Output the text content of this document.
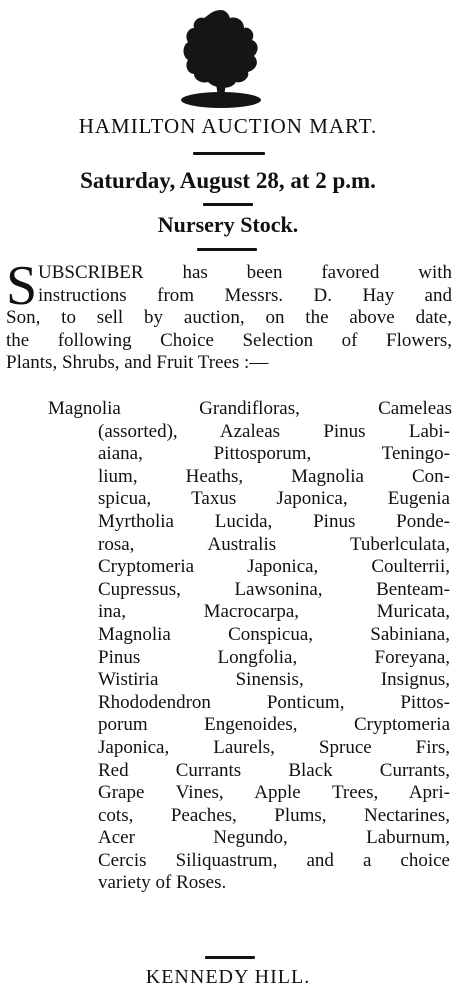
HAMILTON AUCTION MART.
Saturday, August 28, at 2 p.m.
Nursery Stock.
S UBSCRIBER has been favored with
instructions from Messrs. D. Hay and
Son, to sell by auction, on the above date,
the following Choice Selection of Flowers,
Plants, Shrubs, and Fruit Trees :—
Magnolia Grandifloras, Cameleas
(assorted), Azaleas Pinus Labi-
aiana, Pittosporum, Teningo-
lium, Heaths, Magnolia Con-
spicua, Taxus Japonica, Eugenia
Myrtholia Lucida, Pinus Ponde-
rosa, Australis Tuberlculata,
Cryptomeria Japonica, Coulterrii,
Cupressus, Lawsonina, Benteam-
ina, Macrocarpa, Muricata,
Magnolia Conspicua, Sabiniana,
Pinus Longfolia, Foreyana,
Wistiria Sinensis, Insignus,
Rhododendron Ponticum, Pittos-
porum Engenoides, Cryptomeria
Japonica, Laurels, Spruce Firs,
Red Currants Black Currants,
Grape Vines, Apple Trees, Apri-
cots, Peaches, Plums, Nectarines,
Acer Negundo, Laburnum,
Cercis Siliquastrum, and a choice
variety of Roses.
KENNEDY HILL.
